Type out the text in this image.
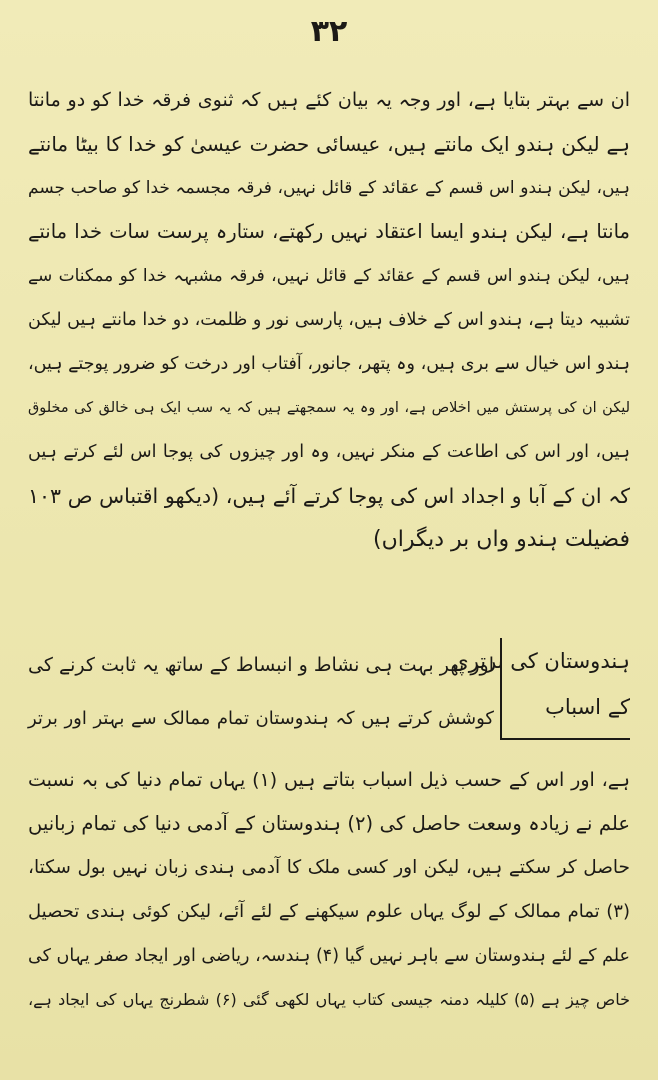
۳۲
ان سے بہتر بتایا ہے، اور وجہ یہ بیان کئے ہیں کہ ثنوی فرقہ خدا کو دو مانتا
ہے لیکن ہندو ایک مانتے ہیں، عیسائی حضرت عیسیٰ کو خدا کا بیٹا مانتے
ہیں، لیکن ہندو اس قسم کے عقائد کے قائل نہیں، فرقہ مجسمہ خدا کو صاحب جسم
مانتا ہے، لیکن ہندو ایسا اعتقاد نہیں رکھتے، ستارہ پرست سات خدا مانتے
ہیں، لیکن ہندو اس قسم کے عقائد کے قائل نہیں، فرقہ مشبہہ خدا کو ممکنات سے
تشبیہ دیتا ہے، ہندو اس کے خلاف ہیں، پارسی نور و ظلمت، دو خدا مانتے ہیں لیکن
ہندو اس خیال سے بری ہیں، وہ پتھر، جانور، آفتاب اور درخت کو ضرور پوجتے ہیں،
لیکن ان کی پرستش میں اخلاص ہے، اور وہ یہ سمجھتے ہیں کہ یہ سب ایک ہی خالق کی مخلوق
ہیں، اور اس کی اطاعت کے منکر نہیں، وہ اور چیزوں کی پوجا اس لئے کرتے ہیں
کہ ان کے آبا و اجداد اس کی پوجا کرتے آئے ہیں، (دیکھو اقتباس ص ۱۰۳
فضیلت ہندو واں بر دیگراں)
ہندوستان کی برتری
کے اسباب
اور پھر بہت ہی نشاط و انبساط کے ساتھ یہ ثابت کرنے کی
کوشش کرتے ہیں کہ ہندوستان تمام ممالک سے بہتر اور برتر
ہے، اور اس کے حسب ذیل اسباب بتاتے ہیں (۱) یہاں تمام دنیا کی بہ نسبت
علم نے زیادہ وسعت حاصل کی (۲) ہندوستان کے آدمی دنیا کی تمام زبانیں
حاصل کر سکتے ہیں، لیکن اور کسی ملک کا آدمی ہندی زبان نہیں بول سکتا،
(۳) تمام ممالک کے لوگ یہاں علوم سیکھنے کے لئے آئے، لیکن کوئی ہندی تحصیل
علم کے لئے ہندوستان سے باہر نہیں گیا (۴) ہندسہ، ریاضی اور ایجاد صفر یہاں کی
خاص چیز ہے (۵) کلیلہ دمنہ جیسی کتاب یہاں لکھی گئی (۶) شطرنج یہاں کی ایجاد ہے،
